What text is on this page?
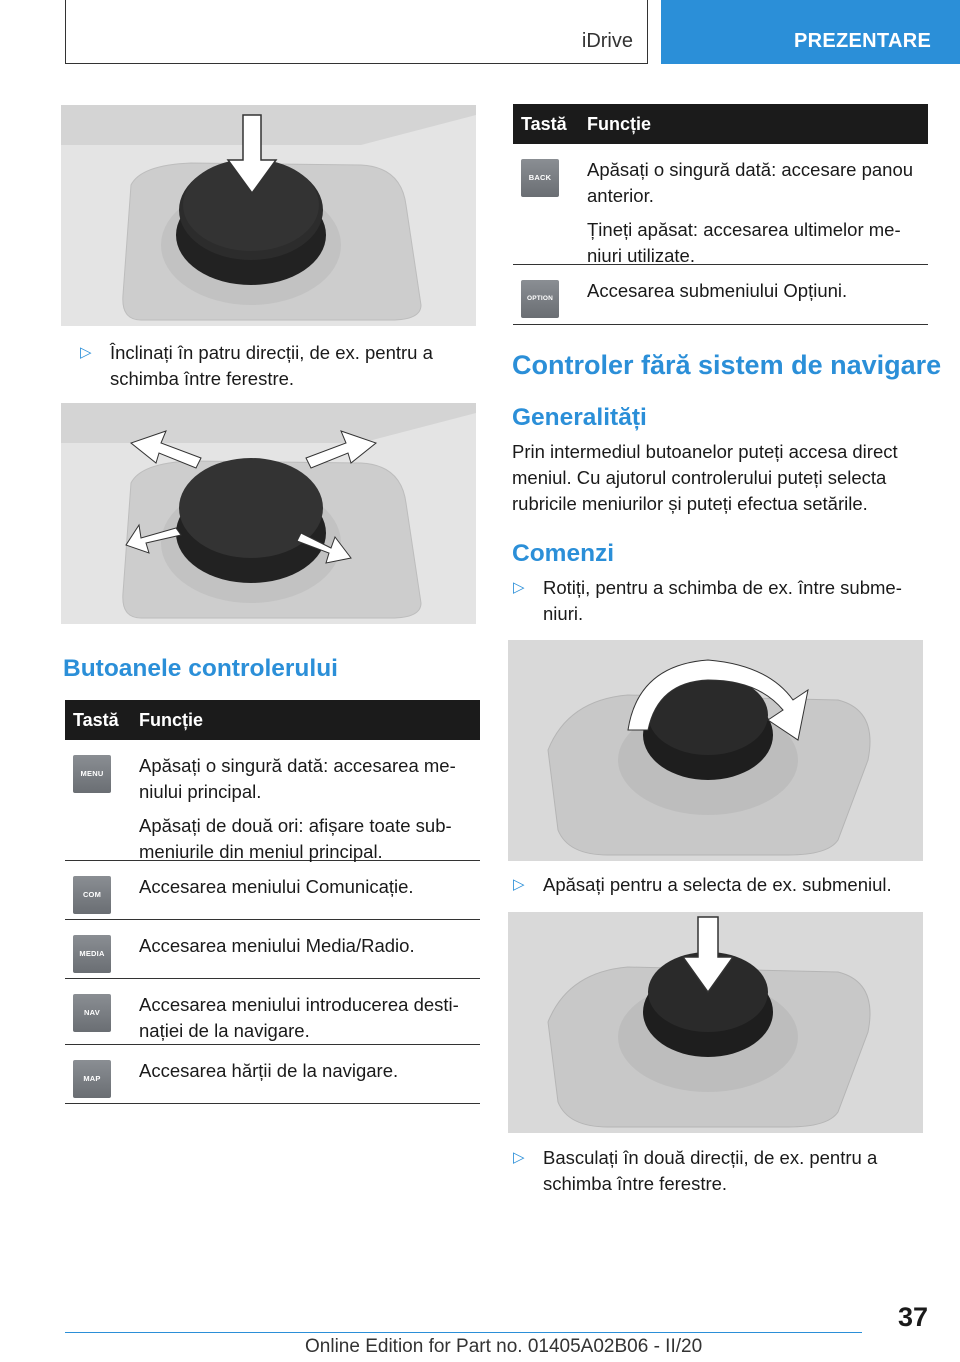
iDrive	PREZENTARE
▷ Înclinați în patru direcții, de ex. pentru a schimba între ferestre.
Butoanele controlerului
Tastă Funcție
MENU	Apăsați o singură dată: accesarea meniului principal.

Apăsați de două ori: afișare toate submeniurile din meniul principal.

COM	Accesarea meniului Comunicație.

MEDIA	Accesarea meniului Media/Radio.

NAV	Accesarea meniului introducerea destinației de la navigare.

MAP	Accesarea hărții de la navigare.

Tastă Funcție
BACK	Apăsați o singură dată: accesare panou anterior.

Țineți apăsat: accesarea ultimelor meniuri utilizate.

OPTION	Accesarea submeniului Opțiuni.

Controler fără sistem de navigare
Generalități
Prin intermediul butoanelor puteți accesa direct meniul. Cu ajutorul controlerului puteți selecta rubricile meniurilor și puteți efectua setările.
Comenzi
▷ Rotiți, pentru a schimba de ex. între submeniuri.
▷ Apăsați pentru a selecta de ex. submeniul.
▷ Basculați în două direcții, de ex. pentru a schimba între ferestre.
37
Online Edition for Part no. 01405A02B06 - II/20
